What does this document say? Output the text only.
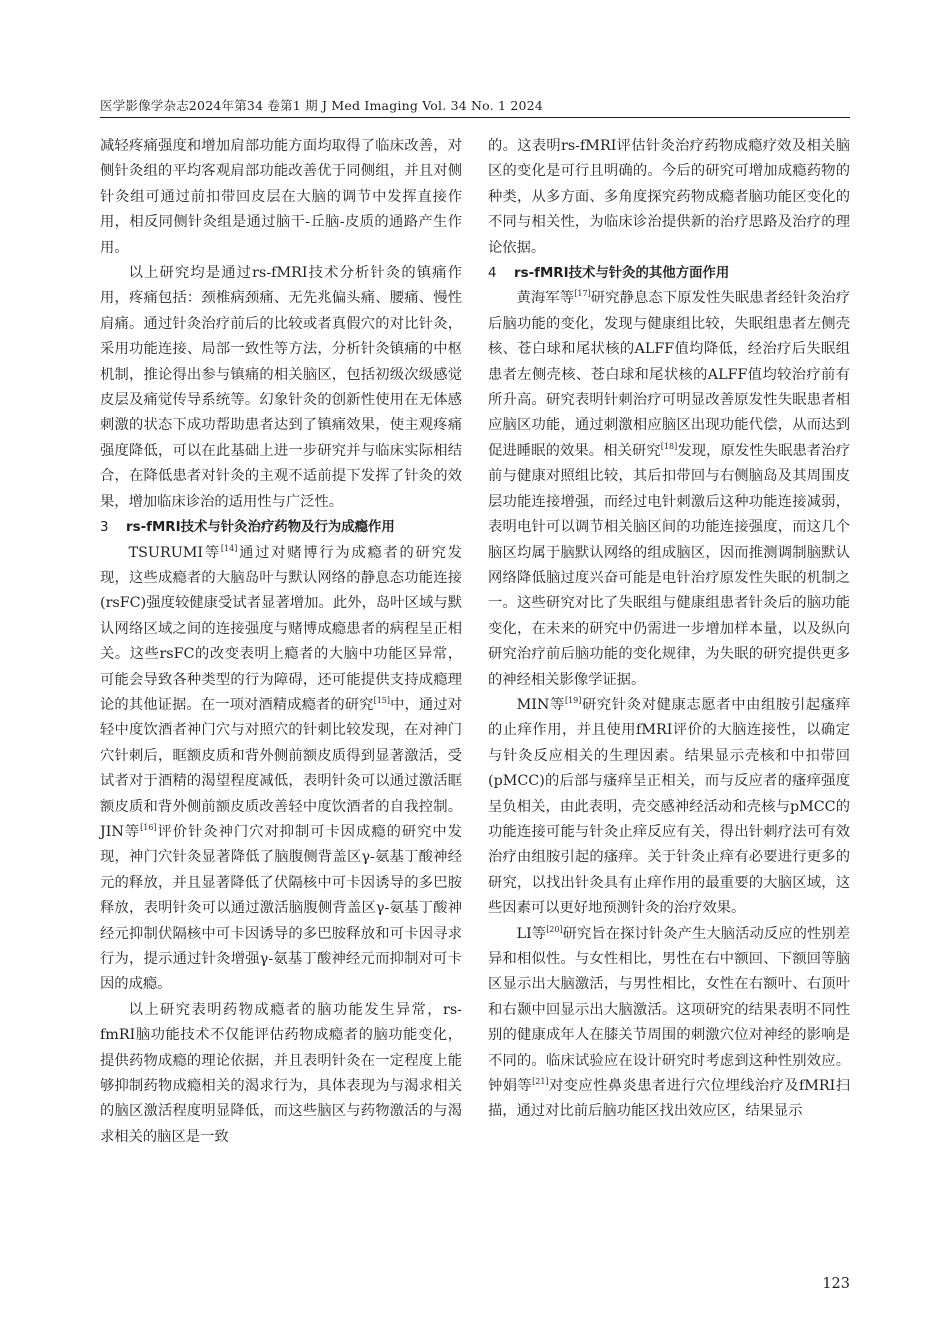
医学影像学杂志2024年第34 卷第1 期 J Med Imaging Vol. 34 No. 1 2024

减轻疼痛强度和增加肩部功能方面均取得了临床改善，对侧针灸组的平均客观肩部功能改善优于同侧组，并且对侧针灸组可通过前扣带回皮层在大脑的调节中发挥直接作用，相反同侧针灸组是通过脑干-丘脑-皮质的通路产生作用。

以上研究均是通过rs-fMRI技术分析针灸的镇痛作用，疼痛包括：颈椎病颈痛、无先兆偏头痛、腰痛、慢性肩痛。通过针灸治疗前后的比较或者真假穴的对比针灸，采用功能连接、局部一致性等方法，分析针灸镇痛的中枢机制，推论得出参与镇痛的相关脑区，包括初级次级感觉皮层及痛觉传导系统等。幻象针灸的创新性使用在无体感刺激的状态下成功帮助患者达到了镇痛效果，使主观疼痛强度降低，可以在此基础上进一步研究并与临床实际相结合，在降低患者对针灸的主观不适前提下发挥了针灸的效果，增加临床诊治的适用性与广泛性。

3 rs-fMRI技术与针灸治疗药物及行为成瘾作用

TSURUMI等[14]通过对赌博行为成瘾者的研究发现，这些成瘾者的大脑岛叶与默认网络的静息态功能连接(rsFC)强度较健康受试者显著增加。此外，岛叶区域与默认网络区域之间的连接强度与赌博成瘾患者的病程呈正相关。这些rsFC的改变表明上瘾者的大脑中功能区异常，可能会导致各种类型的行为障碍，还可能提供支持成瘾理论的其他证据。在一项对酒精成瘾者的研究[15]中，通过对轻中度饮酒者神门穴与对照穴的针刺比较发现，在对神门穴针刺后，眶额皮质和背外侧前额皮质得到显著激活，受试者对于酒精的渴望程度减低，表明针灸可以通过激活眶额皮质和背外侧前额皮质改善轻中度饮酒者的自我控制。JIN等[16]评价针灸神门穴对抑制可卡因成瘾的研究中发现，神门穴针灸显著降低了脑腹侧背盖区γ-氨基丁酸神经元的释放，并且显著降低了伏隔核中可卡因诱导的多巴胺释放，表明针灸可以通过激活脑腹侧背盖区γ-氨基丁酸神经元抑制伏隔核中可卡因诱导的多巴胺释放和可卡因寻求行为，提示通过针灸增强γ-氨基丁酸神经元而抑制对可卡因的成瘾。

以上研究表明药物成瘾者的脑功能发生异常，rs-fmRI脑功能技术不仅能评估药物成瘾者的脑功能变化，提供药物成瘾的理论依据，并且表明针灸在一定程度上能够抑制药物成瘾相关的渴求行为，具体表现为与渴求相关的脑区激活程度明显降低，而这些脑区与药物激活的与渴求相关的脑区是一致

的。这表明rs-fMRI评估针灸治疗药物成瘾疗效及相关脑区的变化是可行且明确的。今后的研究可增加成瘾药物的种类，从多方面、多角度探究药物成瘾者脑功能区变化的不同与相关性，为临床诊治提供新的治疗思路及治疗的理论依据。

4 rs-fMRI技术与针灸的其他方面作用

黄海军等[17]研究静息态下原发性失眠患者经针灸治疗后脑功能的变化，发现与健康组比较，失眠组患者左侧壳核、苍白球和尾状核的ALFF值均降低，经治疗后失眠组患者左侧壳核、苍白球和尾状核的ALFF值均较治疗前有所升高。研究表明针刺治疗可明显改善原发性失眠患者相应脑区功能，通过刺激相应脑区出现功能代偿，从而达到促进睡眠的效果。相关研究[18]发现，原发性失眠患者治疗前与健康对照组比较，其后扣带回与右侧脑岛及其周围皮层功能连接增强，而经过电针刺激后这种功能连接减弱，表明电针可以调节相关脑区间的功能连接强度，而这几个脑区均属于脑默认网络的组成脑区，因而推测调制脑默认网络降低脑过度兴奋可能是电针治疗原发性失眠的机制之一。这些研究对比了失眠组与健康组患者针灸后的脑功能变化，在未来的研究中仍需进一步增加样本量，以及纵向研究治疗前后脑功能的变化规律，为失眠的研究提供更多的神经相关影像学证据。

MIN等[19]研究针灸对健康志愿者中由组胺引起瘙痒的止痒作用，并且使用fMRI评价的大脑连接性，以确定与针灸反应相关的生理因素。结果显示壳核和中扣带回(pMCC)的后部与瘙痒呈正相关，而与反应者的瘙痒强度呈负相关，由此表明，壳交感神经活动和壳核与pMCC的功能连接可能与针灸止痒反应有关，得出针刺疗法可有效治疗由组胺引起的瘙痒。关于针灸止痒有必要进行更多的研究，以找出针灸具有止痒作用的最重要的大脑区域，这些因素可以更好地预测针灸的治疗效果。

LI等[20]研究旨在探讨针灸产生大脑活动反应的性别差异和相似性。与女性相比，男性在右中额回、下额回等脑区显示出大脑激活，与男性相比，女性在右额叶、右顶叶和右颞中回显示出大脑激活。这项研究的结果表明不同性别的健康成年人在膝关节周围的刺激穴位对神经的影响是不同的。临床试验应在设计研究时考虑到这种性别效应。钟娟等[21]对变应性鼻炎患者进行穴位埋线治疗及fMRI扫描，通过对比前后脑功能区找出效应区，结果显示

123
